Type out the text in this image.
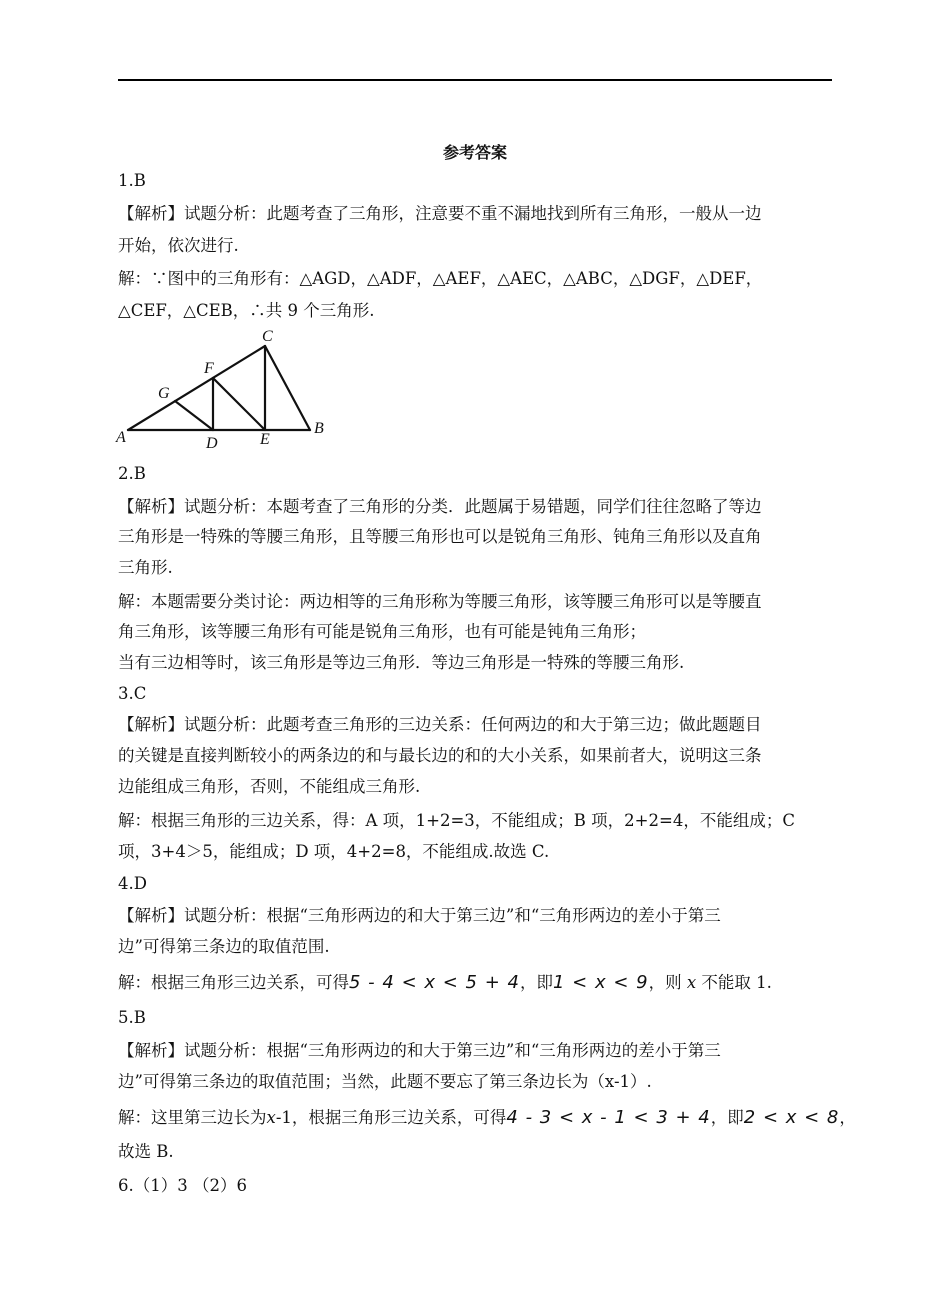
参考答案
1.B
【解析】试题分析：此题考查了三角形，注意要不重不漏地找到所有三角形，一般从一边
开始，依次进行.
解：∵图中的三角形有：△AGD，△ADF，△AEF，△AEC，△ABC，△DGF，△DEF，
△CEF，△CEB，∴共 9 个三角形.
A
B
C
D	E
F
G
2.B
【解析】试题分析：本题考查了三角形的分类．此题属于易错题，同学们往往忽略了等边
三角形是一特殊的等腰三角形，且等腰三角形也可以是锐角三角形、钝角三角形以及直角
三角形.
解：本题需要分类讨论：两边相等的三角形称为等腰三角形，该等腰三角形可以是等腰直
角三角形，该等腰三角形有可能是锐角三角形，也有可能是钝角三角形；
当有三边相等时，该三角形是等边三角形．等边三角形是一特殊的等腰三角形.
3.C
【解析】试题分析：此题考查三角形的三边关系：任何两边的和大于第三边；做此题题目
的关键是直接判断较小的两条边的和与最长边的和的大小关系，如果前者大，说明这三条
边能组成三角形，否则，不能组成三角形.
解：根据三角形的三边关系，得：A 项，1+2=3，不能组成；B 项，2+2=4，不能组成；C
项，3+4＞5，能组成；D 项，4+2=8，不能组成.故选 C.
4.D
【解析】试题分析：根据“三角形两边的和大于第三边”和“三角形两边的差小于第三
边”可得第三条边的取值范围.
解：根据三角形三边关系，可得5 - 4 < x < 5 + 4，即1 < x < 9，则 x 不能取 1.
5.B
【解析】试题分析：根据“三角形两边的和大于第三边”和“三角形两边的差小于第三
边”可得第三条边的取值范围；当然，此题不要忘了第三条边长为（x-1）.
解：这里第三边长为x-1，根据三角形三边关系，可得4 - 3 < x - 1 < 3 + 4，即2 < x < 8，
故选 B.
6.（1）3 （2）6
